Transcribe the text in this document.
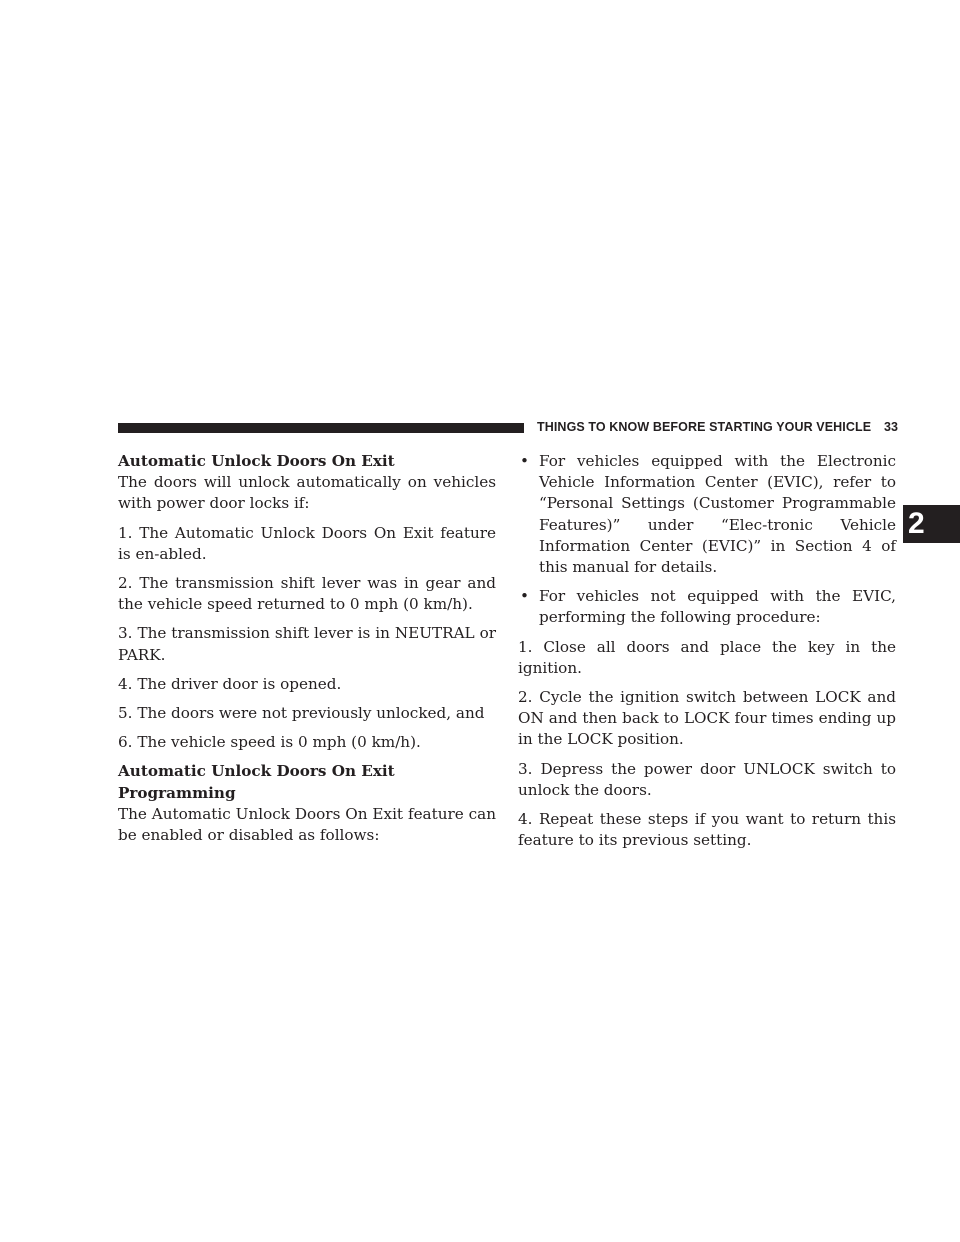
THINGS TO KNOW BEFORE STARTING YOUR VEHICLE 33
2
Automatic Unlock Doors On Exit
The doors will unlock automatically on vehicles with power door locks if:

1. The Automatic Unlock Doors On Exit feature is en-abled.

2. The transmission shift lever was in gear and the vehicle speed returned to 0 mph (0 km/h).

3. The transmission shift lever is in NEUTRAL or PARK.

4. The driver door is opened.

5. The doors were not previously unlocked, and

6. The vehicle speed is 0 mph (0 km/h).

Automatic Unlock Doors On Exit Programming
The Automatic Unlock Doors On Exit feature can be enabled or disabled as follows:
• For vehicles equipped with the Electronic Vehicle Information Center (EVIC), refer to “Personal Settings (Customer Programmable Features)” under “Elec-tronic Vehicle Information Center (EVIC)” in Section 4 of this manual for details.
• For vehicles not equipped with the EVIC, performing the following procedure:

1. Close all doors and place the key in the ignition.

2. Cycle the ignition switch between LOCK and ON and then back to LOCK four times ending up in the LOCK position.

3. Depress the power door UNLOCK switch to unlock the doors.

4. Repeat these steps if you want to return this feature to its previous setting.
